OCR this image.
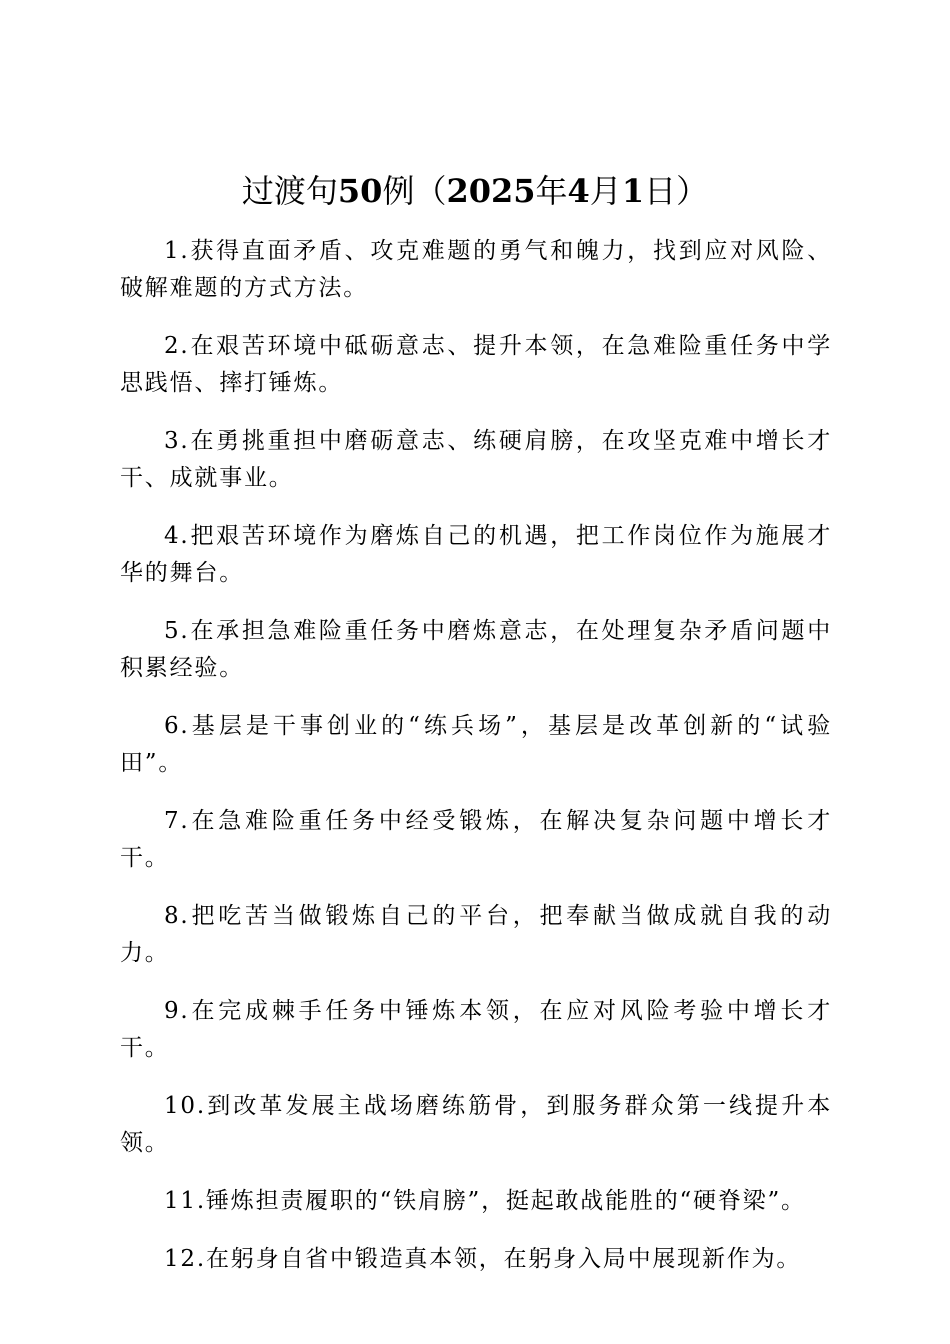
过渡句50例（2025年4月1日）

1.获得直面矛盾、攻克难题的勇气和魄力，找到应对风险、破解难题的方式方法。

2.在艰苦环境中砥砺意志、提升本领，在急难险重任务中学思践悟、摔打锤炼。

3.在勇挑重担中磨砺意志、练硬肩膀，在攻坚克难中增长才干、成就事业。

4.把艰苦环境作为磨炼自己的机遇，把工作岗位作为施展才华的舞台。

5.在承担急难险重任务中磨炼意志，在处理复杂矛盾问题中积累经验。

6.基层是干事创业的“练兵场”，基层是改革创新的“试验田”。

7.在急难险重任务中经受锻炼，在解决复杂问题中增长才干。

8.把吃苦当做锻炼自己的平台，把奉献当做成就自我的动力。

9.在完成棘手任务中锤炼本领，在应对风险考验中增长才干。

10.到改革发展主战场磨练筋骨，到服务群众第一线提升本领。

11.锤炼担责履职的“铁肩膀”，挺起敢战能胜的“硬脊梁”。

12.在躬身自省中锻造真本领，在躬身入局中展现新作为。
